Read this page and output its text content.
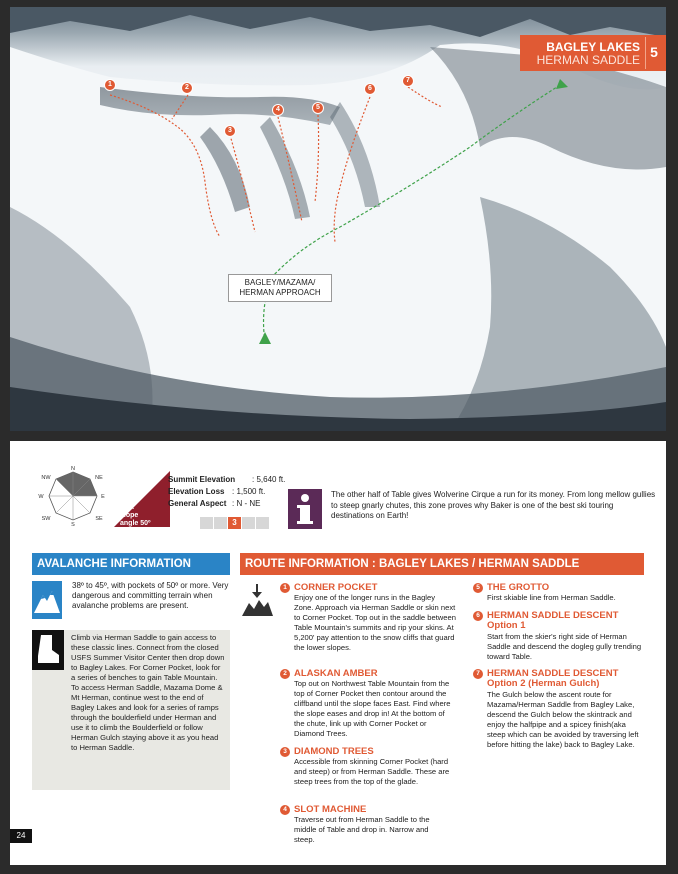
1	2
3
4	5
6
7
BAGLEY/MAZAMA/ HERMAN APPROACH
BAGLEY LAKES
HERMAN SADDLE 5
N
NE
E
SE
S
SW
W
NW
max
slope
angle 50º
Summit Elevation : 5,640 ft.
Elevation Loss : 1,500 ft.
General Aspect : N - NE
3
The other half of Table gives Wolverine Cirque a run for its money. From long mellow gullies to steep gnarly chutes, this zone proves why Baker is one of the best ski touring destinations on Earth!
AVALANCHE INFORMATION	ROUTE INFORMATION : BAGLEY LAKES / HERMAN SADDLE
38º to 45º, with pockets of 50º or more. Very dangerous and committing terrain when avalanche problems are present.
Climb via Herman Saddle to gain access to these classic lines. Connect from the closed USFS Summer Visitor Center then drop down to Bagley Lakes. For Corner Pocket, look for a series of benches to gain Table Mountain. To access Herman Saddle, Mazama Dome & Mt Herman, continue west to the end of Bagley Lakes and look for a series of ramps through the boulderfield under Herman and use it to climb the Boulderfield or follow Herman Gulch staying above it as you head to Herman Saddle.
1 CORNER POCKET
Enjoy one of the longer runs in the Bagley Zone. Approach via Herman Saddle or skin next to Corner Pocket. Top out in the saddle between Table Mountain's summits and rip your skins. At 5,200' pay attention to the snow cliffs that guard the lower slopes.
2 ALASKAN AMBER
Top out on Northwest Table Mountain from the top of Corner Pocket then contour around the cliffband until the slope faces East. Find where the slope eases and drop in! At the bottom of the chute, link up with Corner Pocket or Diamond Trees.
3 DIAMOND TREES
Accessible from skinning Corner Pocket (hard and steep) or from Herman Saddle. These are steep trees from the top of the glade.
4 SLOT MACHINE
Traverse out from Herman Saddle to the middle of Table and drop in. Narrow and steep.
5 THE GROTTO
First skiable line from Herman Saddle.
6 HERMAN SADDLE DESCENT
Option 1
Start from the skier's right side of Herman Saddle and descend the dogleg gully trending toward Table.
7 HERMAN SADDLE DESCENT
Option 2 (Herman Gulch)
The Gulch below the ascent route for Mazama/Herman Saddle from Bagley Lake, descend the Gulch below the skintrack and enjoy the halfpipe and a spicey finish(aka steep which can be avoided by traversing left before hitting the lake) back to Bagley Lake.
24
